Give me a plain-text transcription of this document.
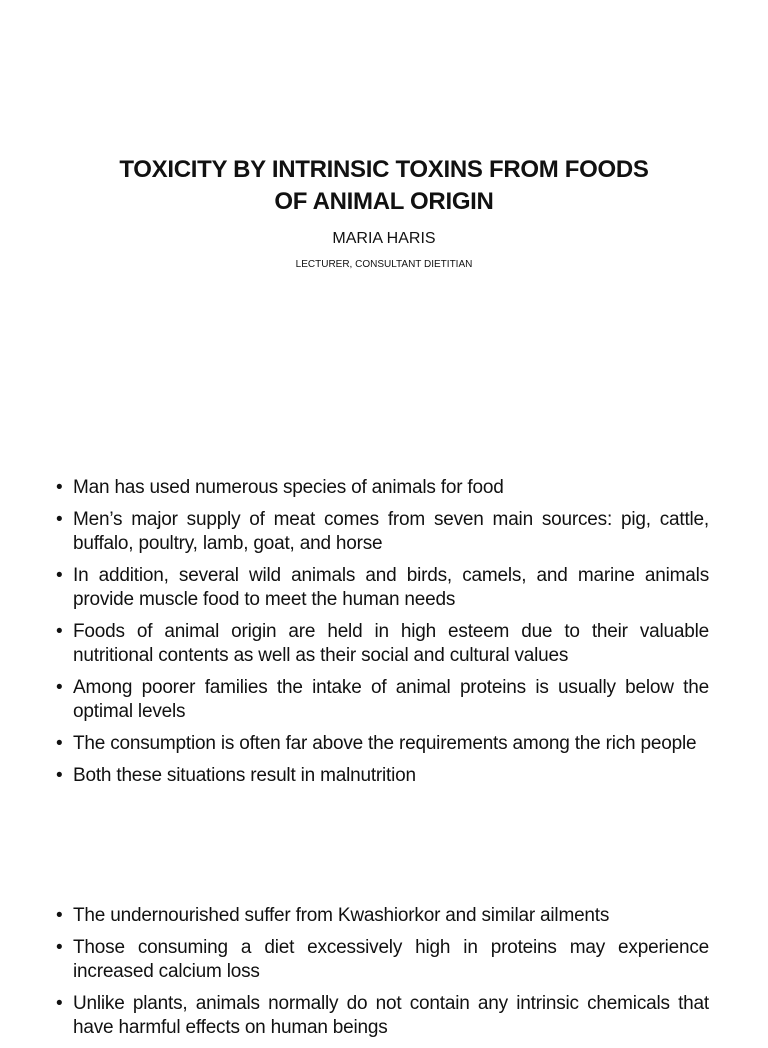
TOXICITY BY INTRINSIC TOXINS FROM FOODS
OF ANIMAL ORIGIN
MARIA HARIS
LECTURER, CONSULTANT DIETITIAN
• Man has used numerous species of animals for food
• Men’s major supply of meat comes from seven main sources: pig, cattle, buffalo, poultry, lamb, goat, and horse
• In addition, several wild animals and birds, camels, and marine animals provide muscle food to meet the human needs
• Foods of animal origin are held in high esteem due to their valuable nutritional contents as well as their social and cultural values
• Among poorer families the intake of animal proteins is usually below the optimal levels
• The consumption is often far above the requirements among the rich people
• Both these situations result in malnutrition
• The undernourished suffer from Kwashiorkor and similar ailments
• Those consuming a diet excessively high in proteins may experience increased calcium loss
• Unlike plants, animals normally do not contain any intrinsic chemicals that have harmful effects on human beings
